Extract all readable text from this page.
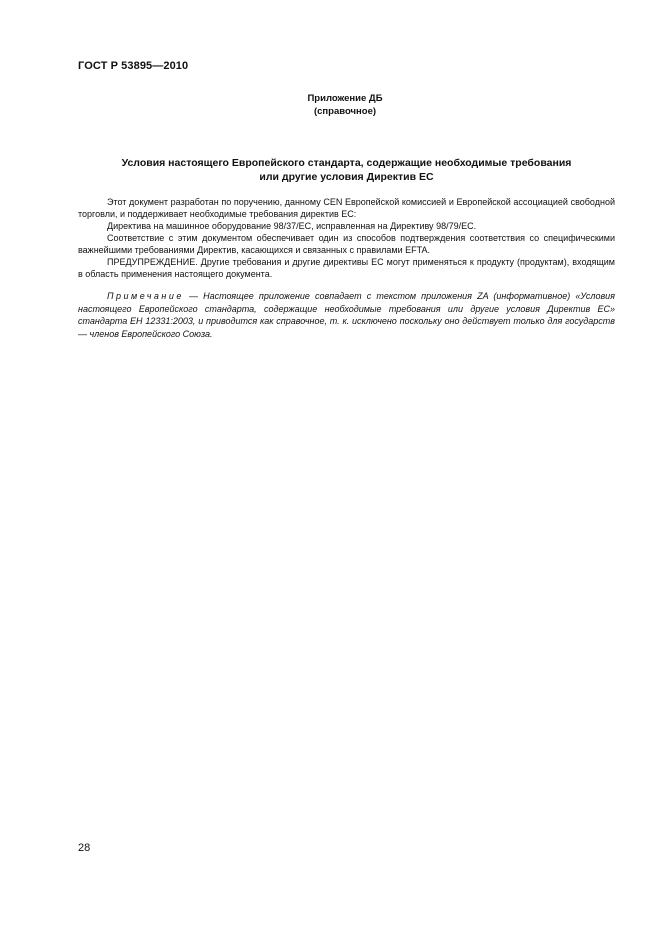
ГОСТ Р 53895—2010
Приложение ДБ
(справочное)
Условия настоящего Европейского стандарта, содержащие необходимые требования
или другие условия Директив ЕС

Этот документ разработан по поручению, данному CEN Европейской комиссией и Европейской ассоциацией свободной торговли, и поддерживает необходимые требования директив ЕС:

Директива на машинное оборудование 98/37/ЕС, исправленная на Директиву 98/79/ЕС.

Соответствие с этим документом обеспечивает один из способов подтверждения соответствия со специфическими важнейшими требованиями Директив, касающихся и связанных с правилами EFTA.

ПРЕДУПРЕЖДЕНИЕ. Другие требования и другие директивы ЕС могут применяться к продукту (продуктам), входящим в область применения настоящего документа.

Примечание — Настоящее приложение совпадает с текстом приложения ZA (информативное) «Условия настоящего Европейского стандарта, содержащие необходимые требования или другие условия Директив ЕС» стандарта ЕН 12331:2003, и приводится как справочное, т. к. исключено поскольку оно действует только для государств — членов Европейского Союза.
28
